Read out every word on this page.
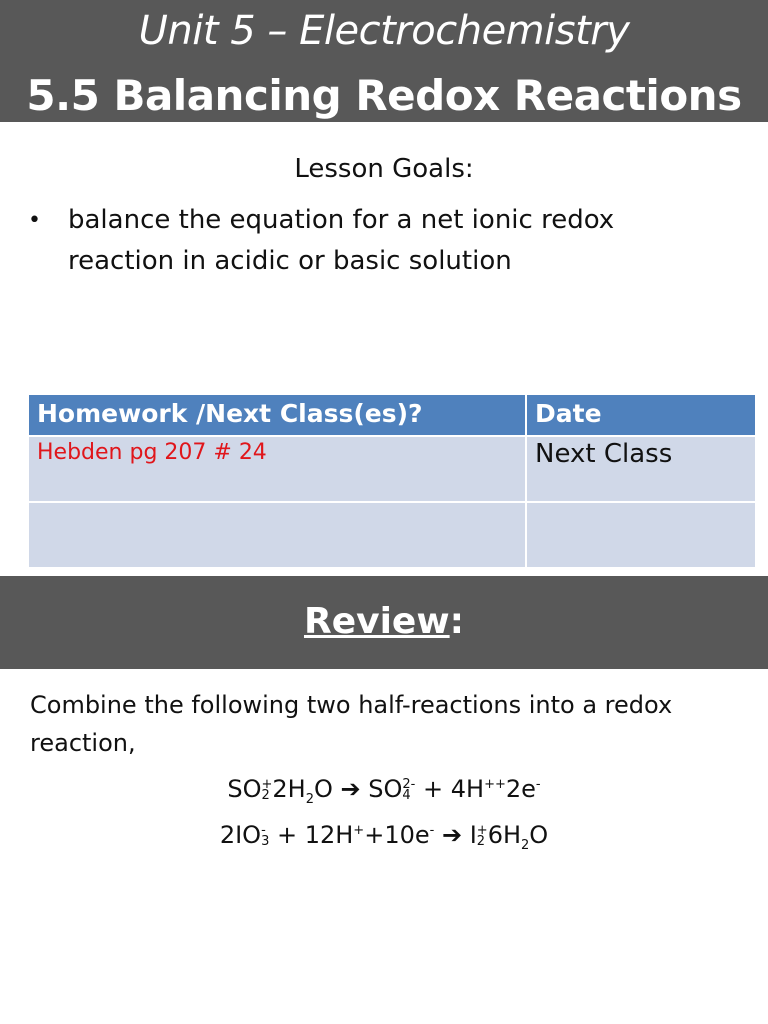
Unit 5 – Electrochemistry
5.5 Balancing Redox Reactions
Lesson Goals:
•	balance the equation for a net ionic redox reaction in acidic or basic solution
Homework /Next Class(es)?	Date
Hebden pg 207 # 24	Next Class

Review:
Combine the following two half-reactions into a redox reaction,
SO +
2 $2H_2O$ ➔ SO 2-
4 + 4H++2e-
2IO -
3 + 12H++10e- ➔ I +
2 $6H_2O$
